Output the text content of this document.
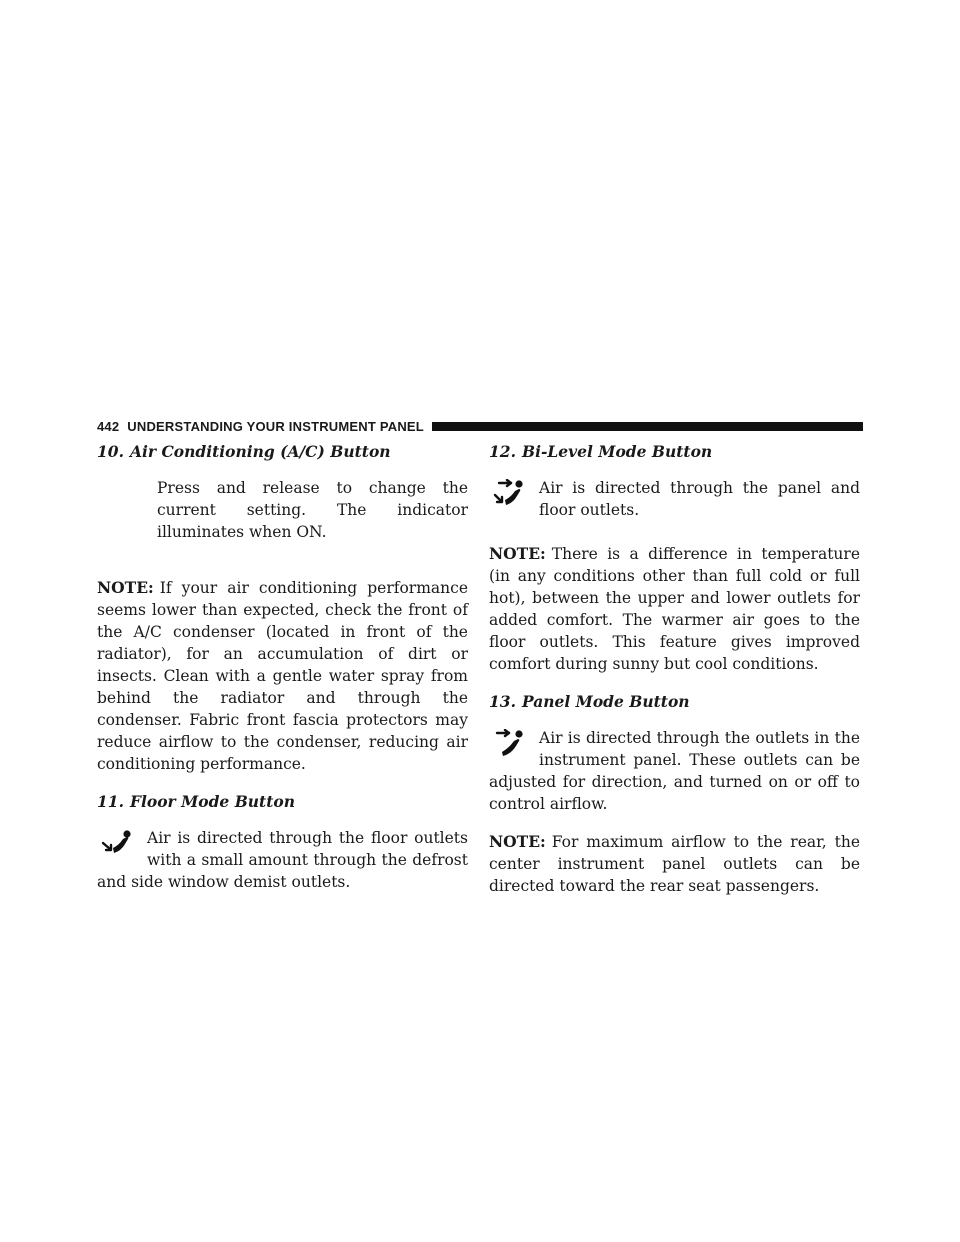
442 UNDERSTANDING YOUR INSTRUMENT PANEL
10. Air Conditioning (A/C) Button

Press and release to change the current setting. The indicator illuminates when ON.

NOTE: If your air conditioning performance seems lower than expected, check the front of the A/C condenser (located in front of the radiator), for an accumulation of dirt or insects. Clean with a gentle water spray from behind the radiator and through the condenser. Fabric front fascia protectors may reduce airflow to the condenser, reducing air conditioning performance.

11. Floor Mode Button

Air is directed through the floor outlets with a small amount through the defrost and side window demist outlets.

12. Bi-Level Mode Button

Air is directed through the panel and floor outlets.

NOTE: There is a difference in temperature (in any conditions other than full cold or full hot), between the upper and lower outlets for added comfort. The warmer air goes to the floor outlets. This feature gives improved comfort during sunny but cool conditions.

13. Panel Mode Button

Air is directed through the outlets in the instrument panel. These outlets can be adjusted for direction, and turned on or off to control airflow.

NOTE: For maximum airflow to the rear, the center instrument panel outlets can be directed toward the rear seat passengers.
